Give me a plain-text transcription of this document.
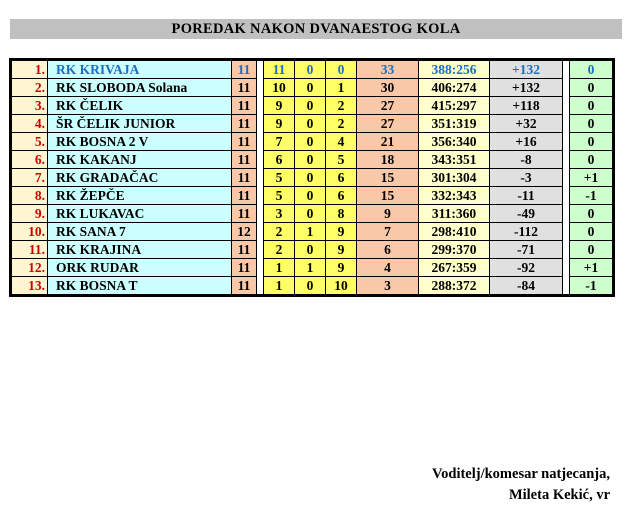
POREDAK NAKON DVANAESTOG KOLA
1.	RK KRIVAJA	11		11	0	0	33	388:256	+132		0
2.	RK SLOBODA Solana	11		10	0	1	30	406:274	+132		0
3.	RK ČELIK	11		9	0	2	27	415:297	+118		0
4.	ŠR ČELIK JUNIOR	11		9	0	2	27	351:319	+32		0
5.	RK BOSNA 2 V	11		7	0	4	21	356:340	+16		0
6.	RK KAKANJ	11		6	0	5	18	343:351	-8		0
7.	RK GRADAČAC	11		5	0	6	15	301:304	-3		+1
8.	RK ŽEPČE	11		5	0	6	15	332:343	-11		-1
9.	RK LUKAVAC	11		3	0	8	9	311:360	-49		0
10.	RK SANA 7	12		2	1	9	7	298:410	-112		0
11.	RK KRAJINA	11		2	0	9	6	299:370	-71		0
12.	ORK RUDAR	11		1	1	9	4	267:359	-92		+1
13.	RK BOSNA T	11		1	0	10	3	288:372	-84		-1
Voditelj/komesar natjecanja,
Mileta Kekić, vr
